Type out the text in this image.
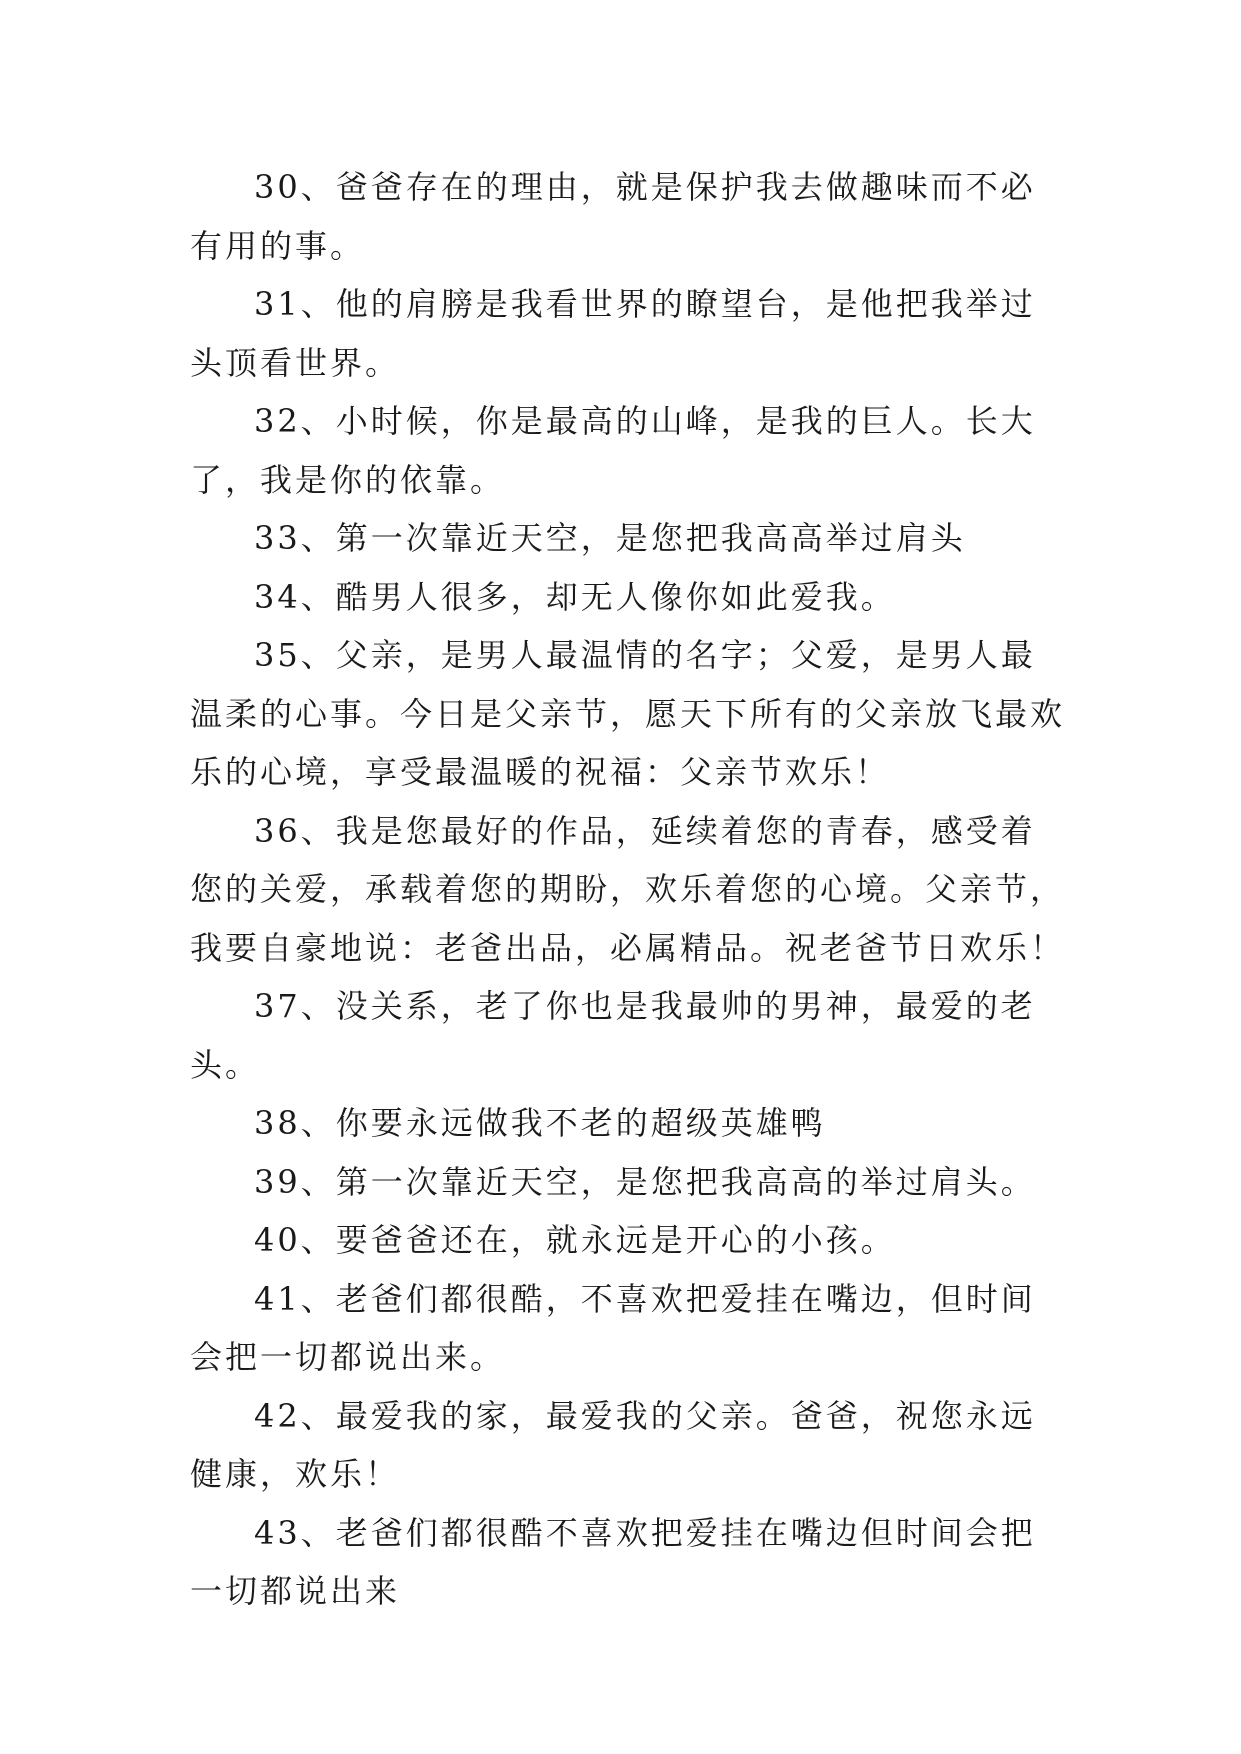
30、爸爸存在的理由，就是保护我去做趣味而不必有用的事。

31、他的肩膀是我看世界的瞭望台，是他把我举过头顶看世界。

32、小时候，你是最高的山峰，是我的巨人。长大了，我是你的依靠。

33、第一次靠近天空，是您把我高高举过肩头

34、酷男人很多，却无人像你如此爱我。

35、父亲，是男人最温情的名字；父爱，是男人最温柔的心事。今日是父亲节，愿天下所有的父亲放飞最欢乐的心境，享受最温暖的祝福：父亲节欢乐！

36、我是您最好的作品，延续着您的青春，感受着您的关爱，承载着您的期盼，欢乐着您的心境。父亲节，我要自豪地说：老爸出品，必属精品。祝老爸节日欢乐！

37、没关系，老了你也是我最帅的男神，最爱的老头。

38、你要永远做我不老的超级英雄鸭

39、第一次靠近天空，是您把我高高的举过肩头。

40、要爸爸还在，就永远是开心的小孩。

41、老爸们都很酷，不喜欢把爱挂在嘴边，但时间会把一切都说出来。

42、最爱我的家，最爱我的父亲。爸爸，祝您永远健康，欢乐！

43、老爸们都很酷不喜欢把爱挂在嘴边但时间会把一切都说出来
